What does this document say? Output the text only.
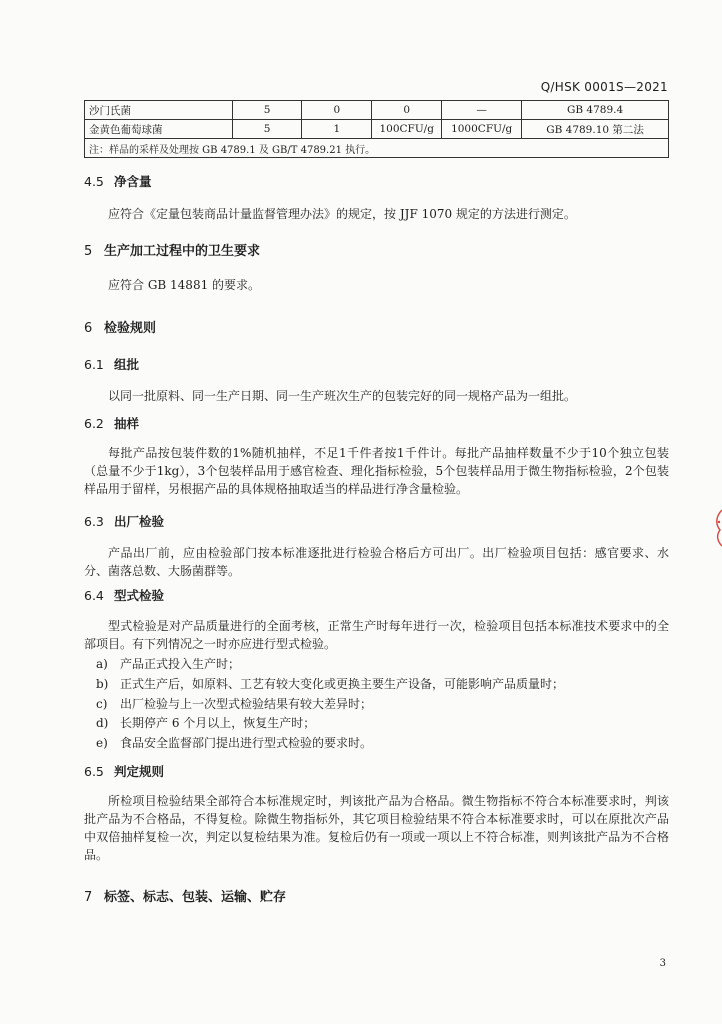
Q/HSK 0001S—2021
沙门氏菌	5	0	0	—	GB 4789.4
金黄色葡萄球菌	5	1	100CFU/g	1000CFU/g	GB 4789.10 第二法
注：样品的采样及处理按 GB 4789.1 及 GB/T 4789.21 执行。					
4.5 净含量
应符合《定量包装商品计量监督管理办法》的规定，按 JJF 1070 规定的方法进行测定。
5 生产加工过程中的卫生要求
应符合 GB 14881 的要求。
6 检验规则
6.1 组批
以同一批原料、同一生产日期、同一生产班次生产的包装完好的同一规格产品为一组批。
6.2 抽样
每批产品按包装件数的1%随机抽样，不足1千件者按1千件计。每批产品抽样数量不少于10个独立包装（总量不少于1kg），3个包装样品用于感官检查、理化指标检验，5个包装样品用于微生物指标检验，2个包装样品用于留样，另根据产品的具体规格抽取适当的样品进行净含量检验。
6.3 出厂检验
产品出厂前，应由检验部门按本标准逐批进行检验合格后方可出厂。出厂检验项目包括：感官要求、水分、菌落总数、大肠菌群等。
6.4 型式检验
型式检验是对产品质量进行的全面考核，正常生产时每年进行一次，检验项目包括本标准技术要求中的全部项目。有下列情况之一时亦应进行型式检验。
a) 产品正式投入生产时；
b) 正式生产后，如原料、工艺有较大变化或更换主要生产设备，可能影响产品质量时；
c) 出厂检验与上一次型式检验结果有较大差异时；
d) 长期停产 6 个月以上，恢复生产时；
e) 食品安全监督部门提出进行型式检验的要求时。
6.5 判定规则
所检项目检验结果全部符合本标准规定时，判该批产品为合格品。微生物指标不符合本标准要求时，判该批产品为不合格品，不得复检。除微生物指标外，其它项目检验结果不符合本标准要求时，可以在原批次产品中双倍抽样复检一次，判定以复检结果为准。复检后仍有一项或一项以上不符合标准，则判该批产品为不合格品。
7 标签、标志、包装、运输、贮存
3
